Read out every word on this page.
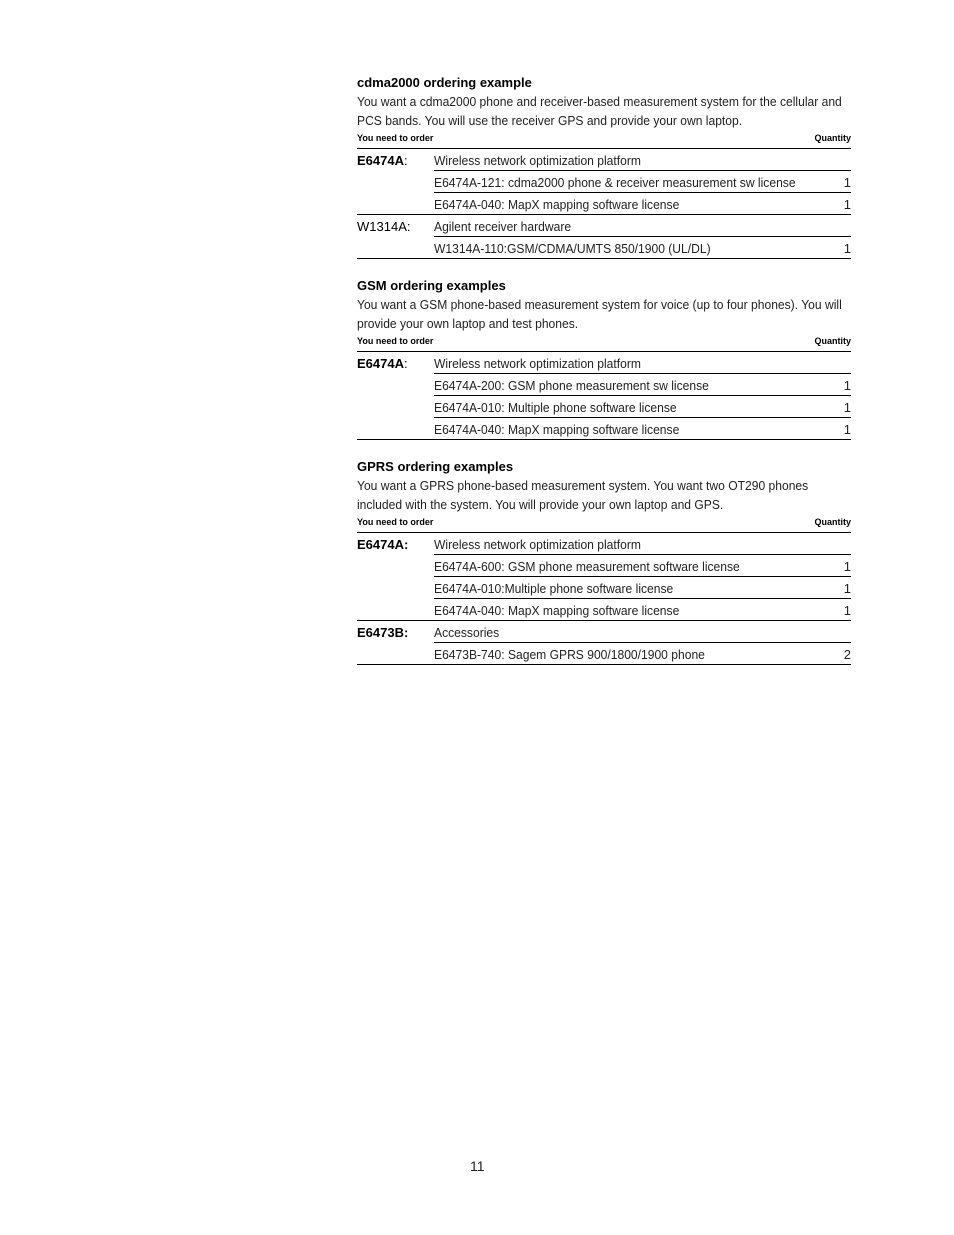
cdma2000 ordering example

You want a cdma2000 phone and receiver-based measurement system for the cellular and PCS bands. You will use the receiver GPS and provide your own laptop.

You need to order	Quantity
E6474A:	Wireless network optimization platform
E6474A-121: cdma2000 phone & receiver measurement sw license	1
E6474A-040: MapX mapping software license	1
W1314A:	Agilent receiver hardware
W1314A-110:GSM/CDMA/UMTS 850/1900 (UL/DL)	1

GSM ordering examples

You want a GSM phone-based measurement system for voice (up to four phones). You will provide your own laptop and test phones.

You need to order	Quantity
E6474A:	Wireless network optimization platform
E6474A-200: GSM phone measurement sw license	1
E6474A-010: Multiple phone software license	1
E6474A-040: MapX mapping software license	1

GPRS ordering examples

You want a GPRS phone-based measurement system. You want two OT290 phones included with the system. You will provide your own laptop and GPS.

You need to order	Quantity
E6474A:	Wireless network optimization platform
E6474A-600: GSM phone measurement software license	1
E6474A-010:Multiple phone software license	1
E6474A-040: MapX mapping software license	1
E6473B:	Accessories
E6473B-740: Sagem GPRS 900/1800/1900 phone	2
11
